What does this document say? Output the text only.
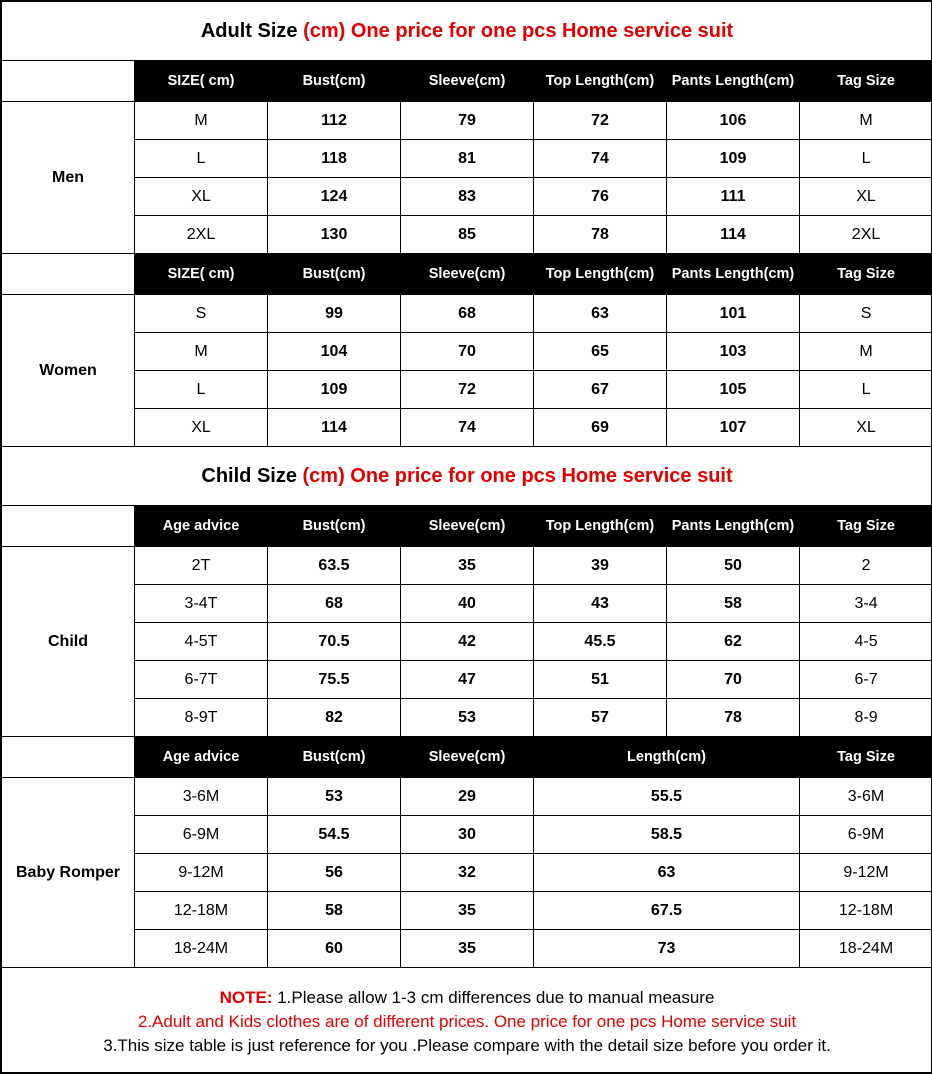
Adult Size (cm) One price for one pcs Home service suit						
	SIZE( cm)	Bust(cm)	Sleeve(cm)	Top Length(cm)	Pants Length(cm)	Tag Size
Men	M	112	79	72	106	M
	L	118	81	74	109	L
	XL	124	83	76	111	XL
	2XL	130	85	78	114	2XL
	SIZE( cm)	Bust(cm)	Sleeve(cm)	Top Length(cm)	Pants Length(cm)	Tag Size
Women	S	99	68	63	101	S
	M	104	70	65	103	M
	L	109	72	67	105	L
	XL	114	74	69	107	XL
Child Size (cm) One price for one pcs Home service suit						
	Age advice	Bust(cm)	Sleeve(cm)	Top Length(cm)	Pants Length(cm)	Tag Size
Child	2T	63.5	35	39	50	2
	3-4T	68	40	43	58	3-4
	4-5T	70.5	42	45.5	62	4-5
	6-7T	75.5	47	51	70	6-7
	8-9T	82	53	57	78	8-9
	Age advice	Bust(cm)	Sleeve(cm)	Length(cm)		Tag Size
Baby Romper	3-6M	53	29	55.5		3-6M
	6-9M	54.5	30	58.5		6-9M
	9-12M	56	32	63		9-12M
	12-18M	58	35	67.5		12-18M
	18-24M	60	35	73		18-24M

NOTE: 1.Please allow 1-3 cm differences due to manual measure
2.Adult and Kids clothes are of different prices. One price for one pcs Home service suit
3.This size table is just reference for you .Please compare with the detail size before you order it.						
